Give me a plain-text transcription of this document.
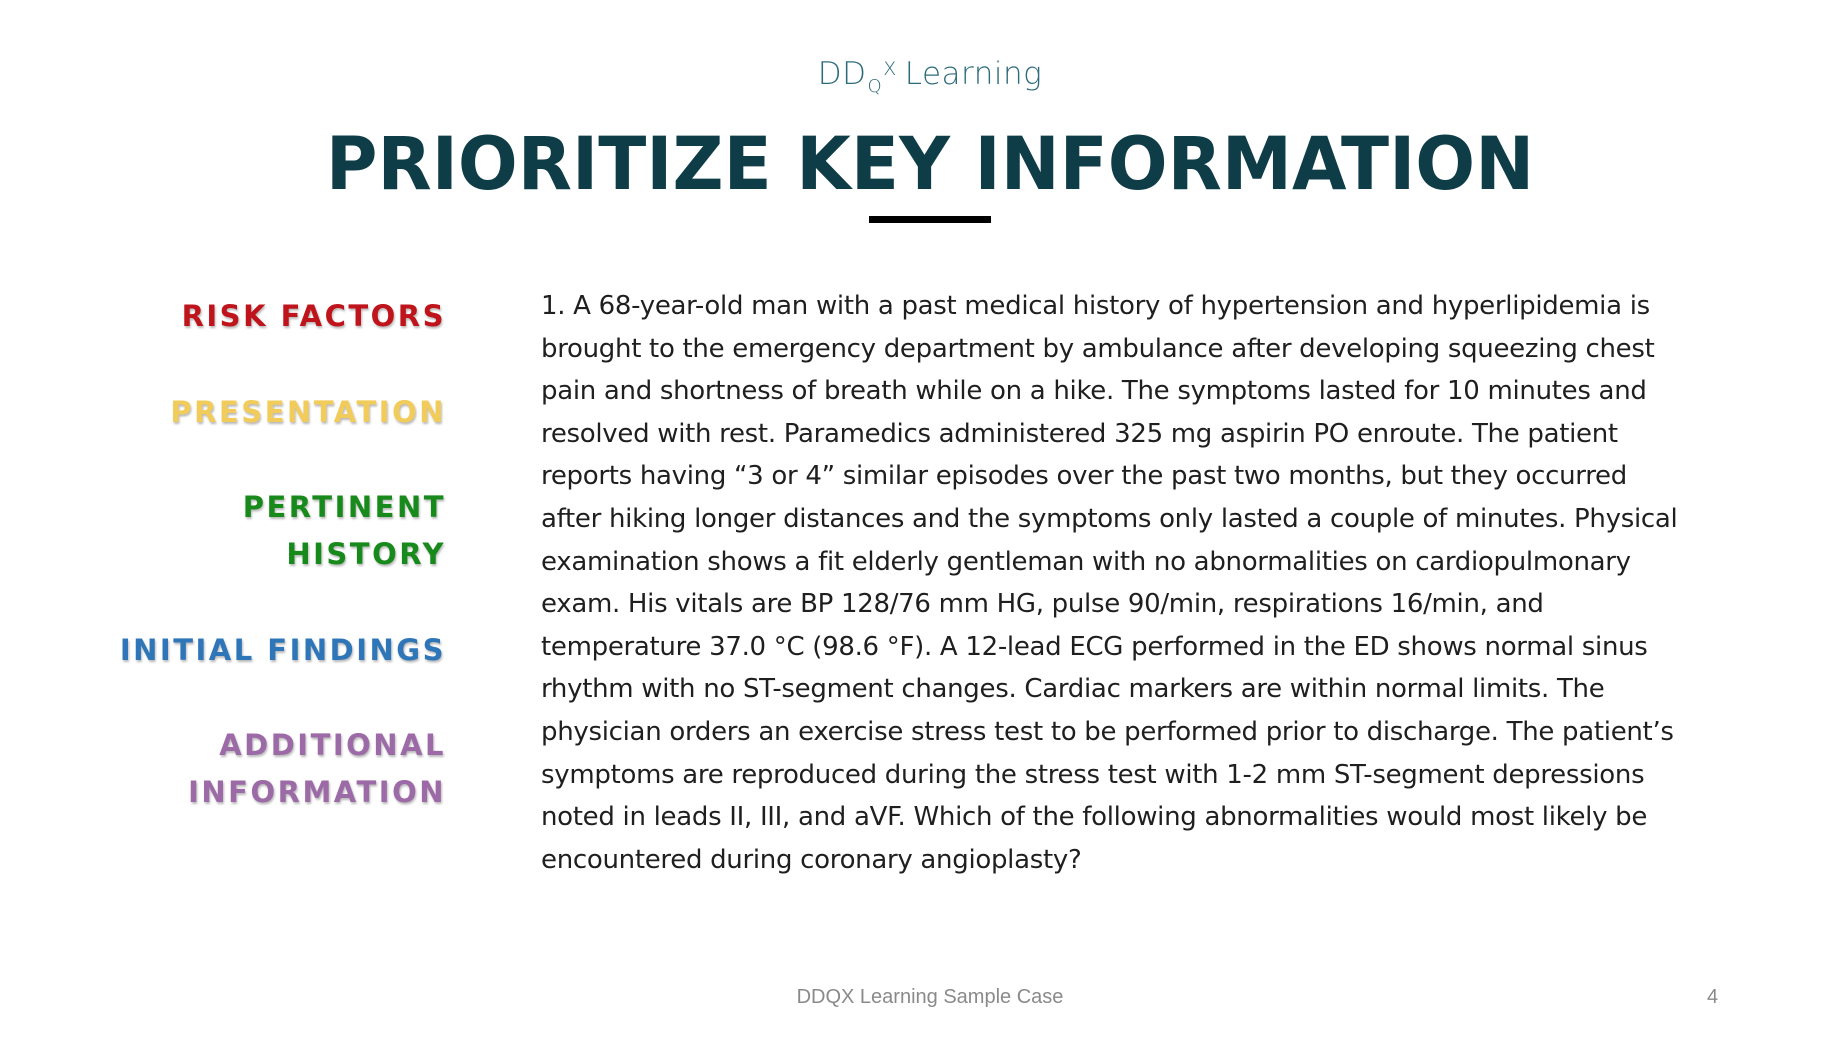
$DD_Q^X$ Learning
PRIORITIZE KEY INFORMATION
RISK FACTORS
PRESENTATION
PERTINENT
HISTORY
INITIAL FINDINGS
ADDITIONAL
INFORMATION
1. A 68-year-old man with a past medical history of hypertension and hyperlipidemia is
brought to the emergency department by ambulance after developing squeezing chest
pain and shortness of breath while on a hike. The symptoms lasted for 10 minutes and
resolved with rest. Paramedics administered 325 mg aspirin PO enroute. The patient
reports having “3 or 4” similar episodes over the past two months, but they occurred
after hiking longer distances and the symptoms only lasted a couple of minutes. Physical
examination shows a fit elderly gentleman with no abnormalities on cardiopulmonary
exam. His vitals are BP 128/76 mm HG, pulse 90/min, respirations 16/min, and
temperature 37.0 °C (98.6 °F). A 12-lead ECG performed in the ED shows normal sinus
rhythm with no ST-segment changes. Cardiac markers are within normal limits. The
physician orders an exercise stress test to be performed prior to discharge. The patient’s
symptoms are reproduced during the stress test with 1-2 mm ST-segment depressions
noted in leads II, III, and aVF. Which of the following abnormalities would most likely be
encountered during coronary angioplasty?
DDQX Learning Sample Case	4
